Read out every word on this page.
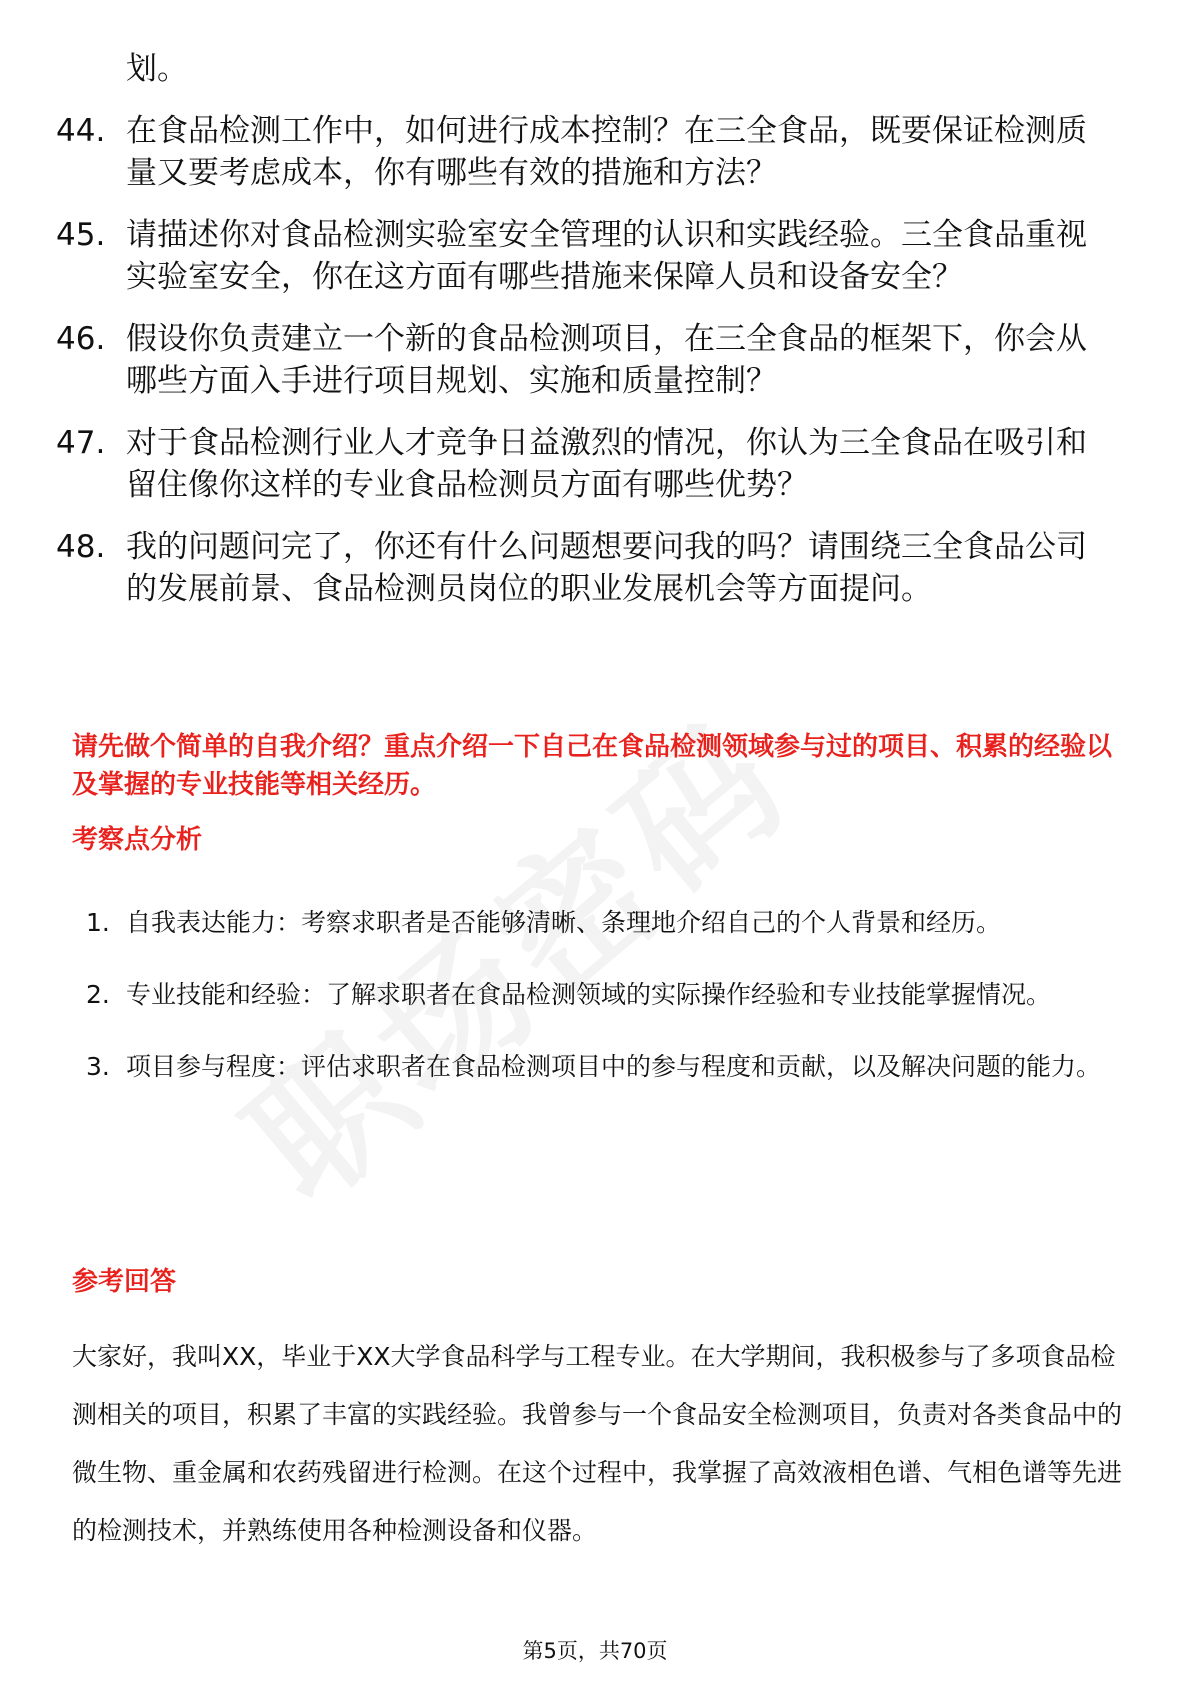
划。
44. 在食品检测工作中，如何进行成本控制？在三全食品，既要保证检测质量又要考虑成本，你有哪些有效的措施和方法？
45. 请描述你对食品检测实验室安全管理的认识和实践经验。三全食品重视实验室安全，你在这方面有哪些措施来保障人员和设备安全？
46. 假设你负责建立一个新的食品检测项目，在三全食品的框架下，你会从哪些方面入手进行项目规划、实施和质量控制？
47. 对于食品检测行业人才竞争日益激烈的情况，你认为三全食品在吸引和留住像你这样的专业食品检测员方面有哪些优势？
48. 我的问题问完了，你还有什么问题想要问我的吗？请围绕三全食品公司的发展前景、食品检测员岗位的职业发展机会等方面提问。
请先做个简单的自我介绍？重点介绍一下自己在食品检测领域参与过的项目、积累的经验以及掌握的专业技能等相关经历。
考察点分析
1. 自我表达能力：考察求职者是否能够清晰、条理地介绍自己的个人背景和经历。
2. 专业技能和经验：了解求职者在食品检测领域的实际操作经验和专业技能掌握情况。
3. 项目参与程度：评估求职者在食品检测项目中的参与程度和贡献，以及解决问题的能力。
参考回答
大家好，我叫XX，毕业于XX大学食品科学与工程专业。在大学期间，我积极参与了多项食品检测相关的项目，积累了丰富的实践经验。我曾参与一个食品安全检测项目，负责对各类食品中的微生物、重金属和农药残留进行检测。在这个过程中，我掌握了高效液相色谱、气相色谱等先进的检测技术，并熟练使用各种检测设备和仪器。
第5页，共70页
